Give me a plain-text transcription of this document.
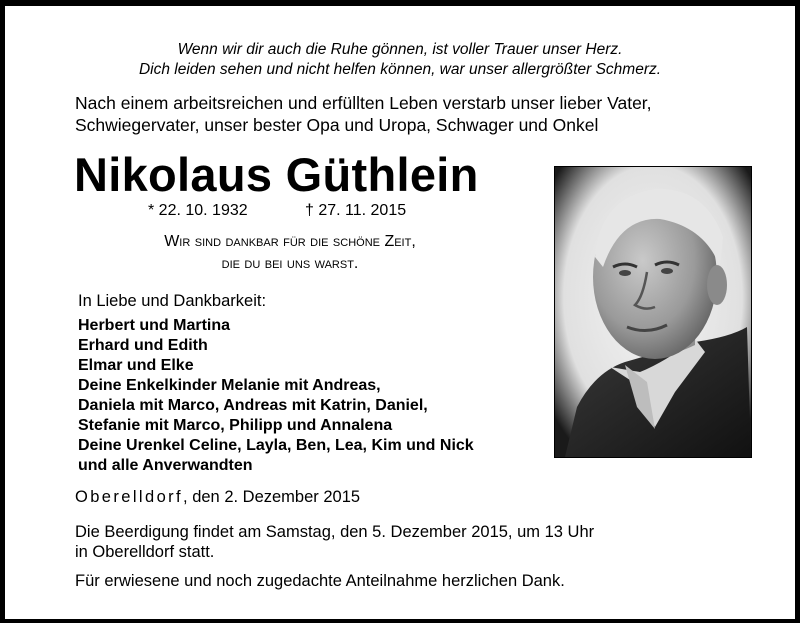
Wenn wir dir auch die Ruhe gönnen, ist voller Trauer unser Herz.
Dich leiden sehen und nicht helfen können, war unser allergrößter Schmerz.
Nach einem arbeitsreichen und erfüllten Leben verstarb unser lieber Vater,
Schwiegervater, unser bester Opa und Uropa, Schwager und Onkel
Nikolaus Güthlein
* 22. 10. 1932	† 27. 11. 2015
Wir sind dankbar für die schöne Zeit,
die du bei uns warst.
In Liebe und Dankbarkeit:
Herbert und Martina
Erhard und Edith
Elmar und Elke
Deine Enkelkinder Melanie mit Andreas,
Daniela mit Marco, Andreas mit Katrin, Daniel,
Stefanie mit Marco, Philipp und Annalena
Deine Urenkel Celine, Layla, Ben, Lea, Kim und Nick
und alle Anverwandten
Oberelldorf, den 2. Dezember 2015
Die Beerdigung findet am Samstag, den 5. Dezember 2015, um 13 Uhr
in Oberelldorf statt.
Für erwiesene und noch zugedachte Anteilnahme herzlichen Dank.
